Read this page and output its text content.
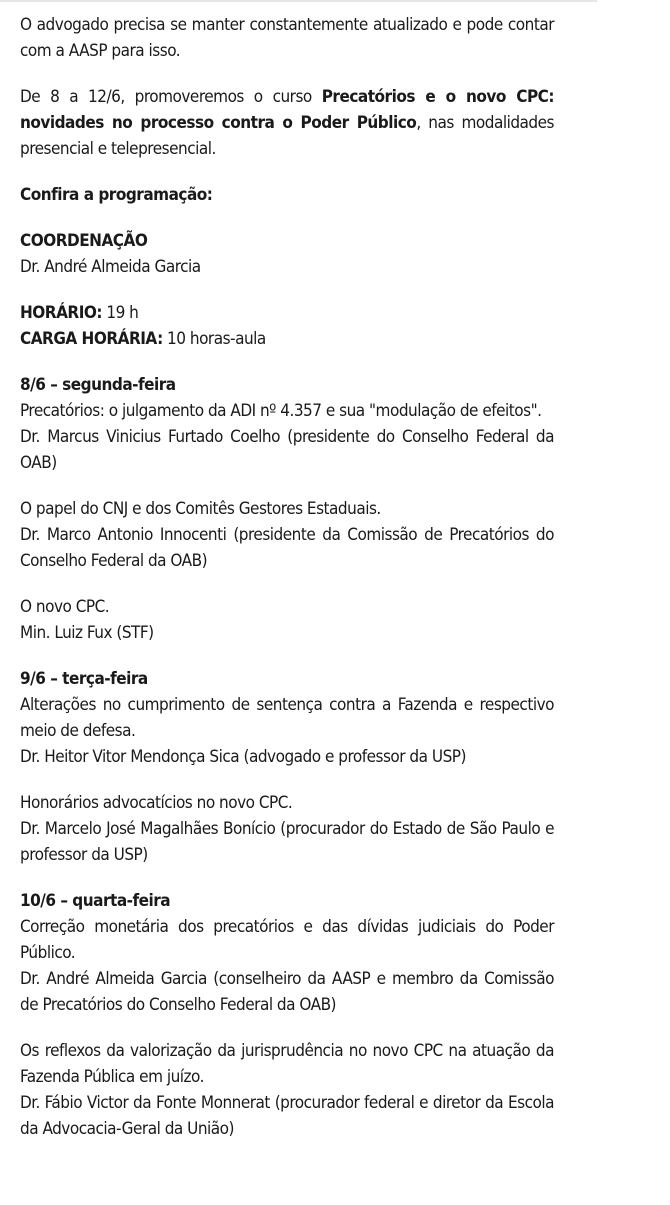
O advogado precisa se manter constantemente atualizado e pode contar com a AASP para isso.

De 8 a 12/6, promoveremos o curso Precatórios e o novo CPC: novidades no processo contra o Poder Público, nas modalidades presencial e telepresencial.

Confira a programação:

COORDENAÇÃO

Dr. André Almeida Garcia

HORÁRIO: 19 h

CARGA HORÁRIA: 10 horas-aula

8/6 – segunda-feira

Precatórios: o julgamento da ADI nº 4.357 e sua "modulação de efeitos".

Dr. Marcus Vinicius Furtado Coelho (presidente do Conselho Federal da OAB)

O papel do CNJ e dos Comitês Gestores Estaduais.

Dr. Marco Antonio Innocenti (presidente da Comissão de Precatórios do Conselho Federal da OAB)

O novo CPC.

Min. Luiz Fux (STF)

9/6 – terça-feira

Alterações no cumprimento de sentença contra a Fazenda e respectivo meio de defesa.

Dr. Heitor Vitor Mendonça Sica (advogado e professor da USP)

Honorários advocatícios no novo CPC.

Dr. Marcelo José Magalhães Bonício (procurador do Estado de São Paulo e professor da USP)

10/6 – quarta-feira

Correção monetária dos precatórios e das dívidas judiciais do Poder Público.

Dr. André Almeida Garcia (conselheiro da AASP e membro da Comissão de Precatórios do Conselho Federal da OAB)

Os reflexos da valorização da jurisprudência no novo CPC na atuação da Fazenda Pública em juízo.

Dr. Fábio Victor da Fonte Monnerat (procurador federal e diretor da Escola da Advocacia-Geral da União)
